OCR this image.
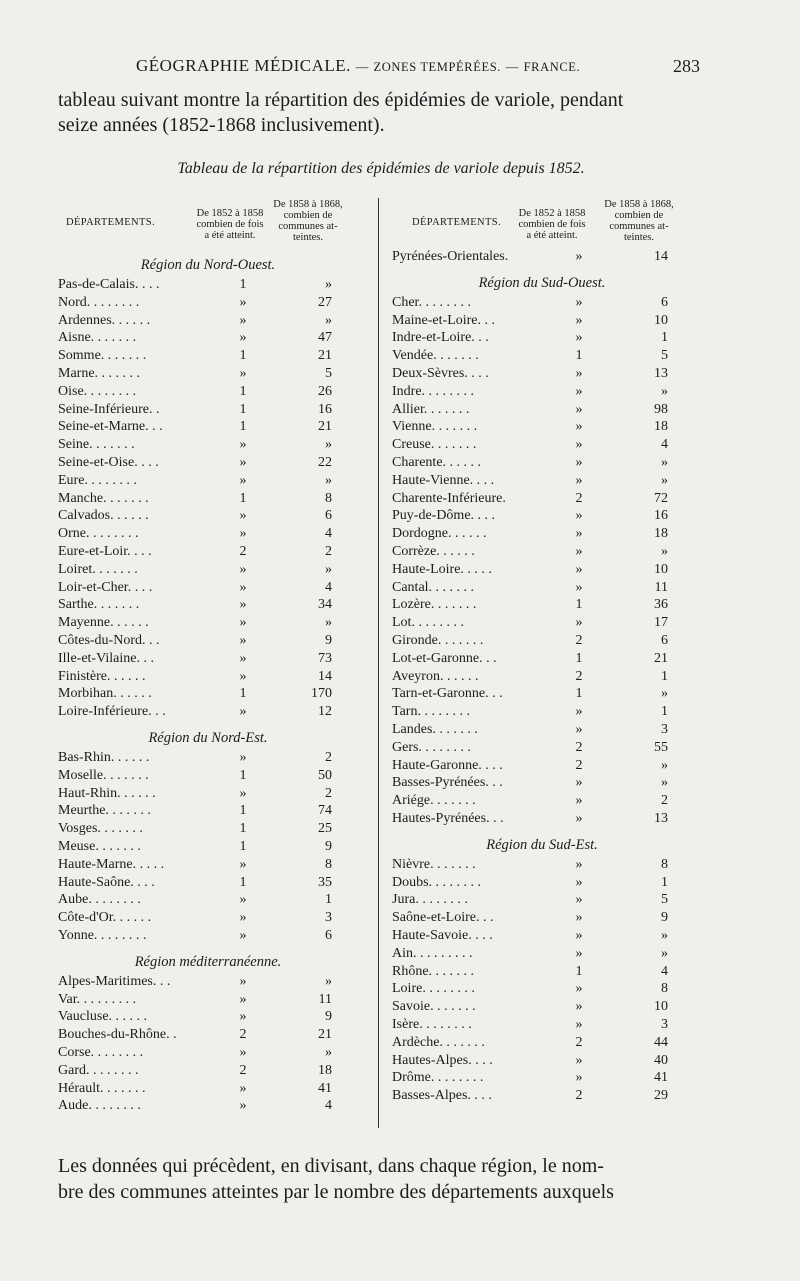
GÉOGRAPHIE MÉDICALE. — ZONES TEMPÉRÉES. — FRANCE.	283
tableau suivant montre la répartition des épidémies de variole, pendant
seize années (1852-1868 inclusivement).
Tableau de la répartition des épidémies de variole depuis 1852.
DÉPARTEMENTS.
De 1852 à 1858
combien de fois
a été atteint.
De 1858 à 1868,
combien de
communes at-
teintes.
DÉPARTEMENTS.
De 1852 à 1858
combien de fois
a été atteint.
De 1858 à 1868,
combien de
communes at-
teintes.
Région du Nord-Ouest.
Pas-de-Calais. . . .	1	»
Nord. . . . . . . .	»	27
Ardennes. . . . . .	»	»
Aisne. . . . . . .	»	47
Somme. . . . . . .	1	21
Marne. . . . . . .	»	5
Oise. . . . . . . .	1	26
Seine-Inférieure. .	1	16
Seine-et-Marne. . .	1	21
Seine. . . . . . .	»	»
Seine-et-Oise. . . .	»	22
Eure. . . . . . . .	»	»
Manche. . . . . . .	1	8
Calvados. . . . . .	»	6
Orne. . . . . . . .	»	4
Eure-et-Loir. . . .	2	2
Loiret. . . . . . .	»	»
Loir-et-Cher. . . .	»	4
Sarthe. . . . . . .	»	34
Mayenne. . . . . .	»	»
Côtes-du-Nord. . .	»	9
Ille-et-Vilaine. . .	»	73
Finistère. . . . . .	»	14
Morbihan. . . . . .	1	170
Loire-Inférieure. . .	»	12
Région du Nord-Est.
Bas-Rhin. . . . . .	»	2
Moselle. . . . . . .	1	50
Haut-Rhin. . . . . .	»	2
Meurthe. . . . . . .	1	74
Vosges. . . . . . .	1	25
Meuse. . . . . . .	1	9
Haute-Marne. . . . .	»	8
Haute-Saône. . . .	1	35
Aube. . . . . . . .	»	1
Côte-d'Or. . . . . .	»	3
Yonne. . . . . . . .	»	6
Région méditerranéenne.
Alpes-Maritimes. . .	»	»
Var. . . . . . . . .	»	11
Vaucluse. . . . . .	»	9
Bouches-du-Rhône. .	2	21
Corse. . . . . . . .	»	»
Gard. . . . . . . .	2	18
Hérault. . . . . . .	»	41
Aude. . . . . . . .	»	4
Pyrénées-Orientales.	»	14
Région du Sud-Ouest.
Cher. . . . . . . .	»	6
Maine-et-Loire. . .	»	10
Indre-et-Loire. . .	»	1
Vendée. . . . . . .	1	5
Deux-Sèvres. . . .	»	13
Indre. . . . . . . .	»	»
Allier. . . . . . .	»	98
Vienne. . . . . . .	»	18
Creuse. . . . . . .	»	4
Charente. . . . . .	»	»
Haute-Vienne. . . .	»	»
Charente-Inférieure.	2	72
Puy-de-Dôme. . . .	»	16
Dordogne. . . . . .	»	18
Corrèze. . . . . .	»	»
Haute-Loire. . . . .	»	10
Cantal. . . . . . .	»	11
Lozère. . . . . . .	1	36
Lot. . . . . . . .	»	17
Gironde. . . . . . .	2	6
Lot-et-Garonne. . .	1	21
Aveyron. . . . . .	2	1
Tarn-et-Garonne. . .	1	»
Tarn. . . . . . . .	»	1
Landes. . . . . . .	»	3
Gers. . . . . . . .	2	55
Haute-Garonne. . . .	2	»
Basses-Pyrénées. . .	»	»
Ariége. . . . . . .	»	2
Hautes-Pyrénées. . .	»	13
Région du Sud-Est.
Nièvre. . . . . . .	»	8
Doubs. . . . . . . .	»	1
Jura. . . . . . . .	»	5
Saône-et-Loire. . .	»	9
Haute-Savoie. . . .	»	»
Ain. . . . . . . . .	»	»
Rhône. . . . . . .	1	4
Loire. . . . . . . .	»	8
Savoie. . . . . . .	»	10
Isère. . . . . . . .	»	3
Ardèche. . . . . . .	2	44
Hautes-Alpes. . . .	»	40
Drôme. . . . . . . .	»	41
Basses-Alpes. . . .	2	29
Les données qui précèdent, en divisant, dans chaque région, le nom-
bre des communes atteintes par le nombre des départements auxquels
